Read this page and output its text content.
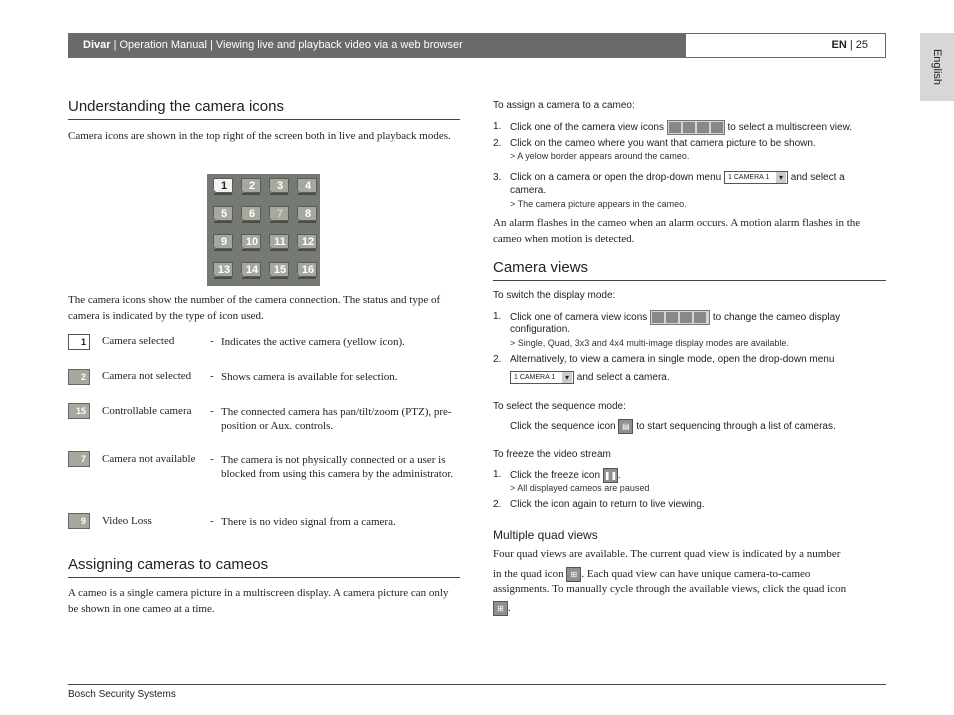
Divar | Operation Manual | Viewing live and playback video via a web browser	EN | 25
English
Understanding the camera icons
Camera icons are shown in the top right of the screen both in live and playback modes.
1	2	3	4
5	6	7	8
9	10 11 12
13 14 15 16
The camera icons show the number of the camera connection. The status and type of camera is indicated by the type of icon used.
1	Camera selected	- Indicates the active camera (yellow icon).
2	Camera not selected - Shows camera is available for selection.
15	Controllable camera - The connected camera has pan/tilt/zoom (PTZ), pre-position or Aux. controls.
7	Camera not available - The camera is not physically connected or a user is blocked from using this camera by the administrator.
9	Video Loss	- There is no video signal from a camera.
Assigning cameras to cameos
A cameo is a single camera picture in a multiscreen display. A camera picture can only be shown in one cameo at a time.
To assign a camera to a cameo:
1. Click one of the camera view icons	to select a multiscreen view.
2. Click on the cameo where you want that camera picture to be shown.
> A yelow border appears around the cameo.
3. Click on a camera or open the drop-down menu 1 CAMERA 1 ▾ and select a
camera.
> The camera picture appears in the cameo.
An alarm flashes in the cameo when an alarm occurs. A motion alarm flashes in the cameo when motion is detected.
Camera views
To switch the display mode:
1. Click one of camera view icons	to change the cameo display
configuration.
> Single, Quad, 3x3 and 4x4 multi-image display modes are available.
2. Alternatively, to view a camera in single mode, open the drop-down menu
1 CAMERA 1 ▾ and select a camera.
To select the sequence mode:
Click the sequence icon ▤ to start sequencing through a list of cameras.
To freeze the video stream
1. Click the freeze icon ❚❚.
> All displayed cameos are paused
2. Click the icon again to return to live viewing.
Multiple quad views
Four quad views are available. The current quad view is indicated by a number
in the quad icon ⊞ . Each quad view can have unique camera-to-cameo
assignments. To manually cycle through the available views, click the quad icon
⊞ .
Bosch Security Systems
